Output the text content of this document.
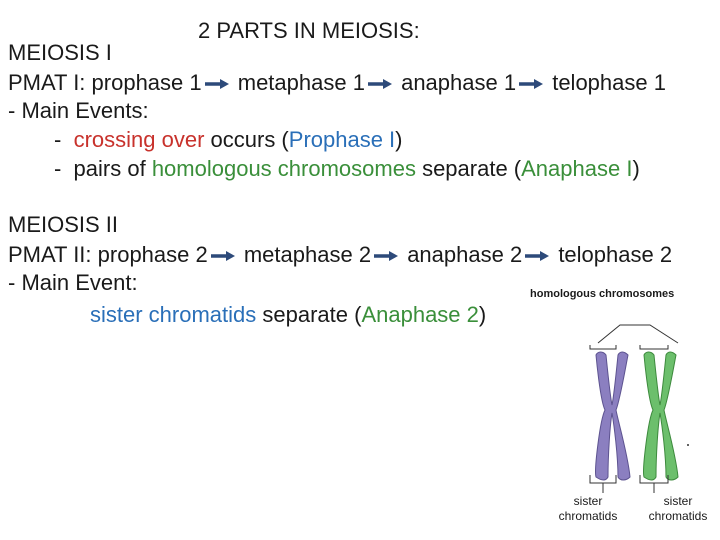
2 PARTS IN MEIOSIS:
MEIOSIS I
PMAT I: prophase 1 metaphase 1 anaphase 1 telophase 1
- Main Events:
-  crossing over occurs (Prophase I)
-  pairs of homologous chromosomes separate (Anaphase I)
MEIOSIS II
PMAT II: prophase 2 metaphase 2 anaphase 2 telophase 2
- Main Event:
sister chromatids separate (Anaphase 2)
homologous chromosomes
sister
chromatids
sister
chromatids
